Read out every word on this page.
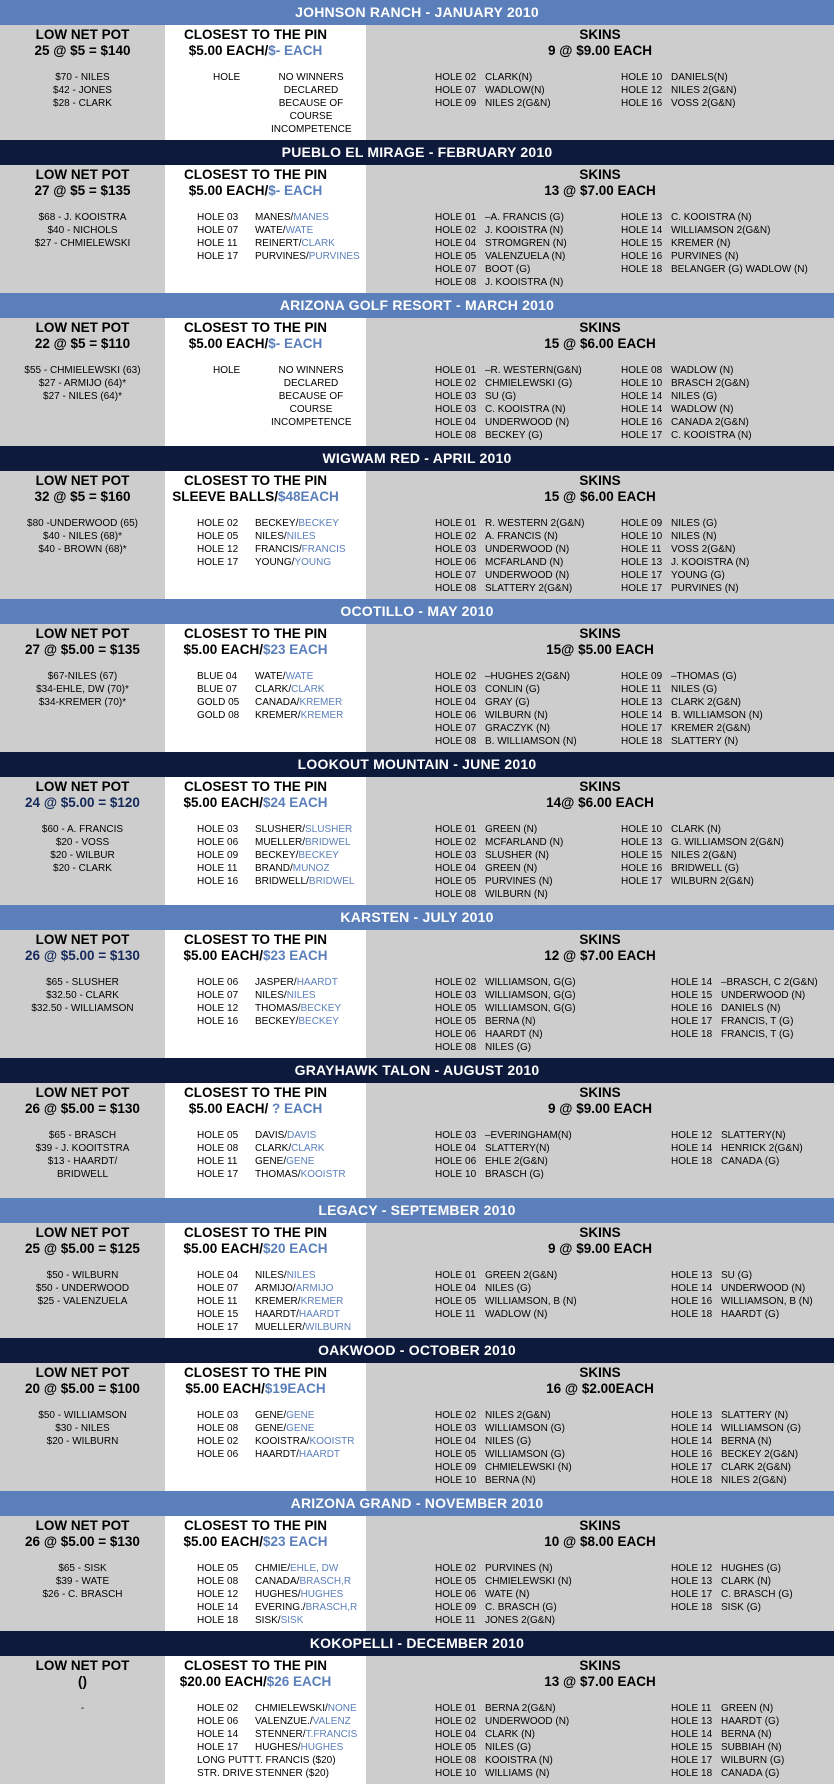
JOHNSON RANCH - JANUARY 2010
LOW NET POT
25 @ $5 = $140
$70 - NILES
$42 - JONES
$28 - CLARK
CLOSEST TO THE PIN
$5.00 EACH/$- EACH
HOLE	NO WINNERS
DECLARED
BECAUSE OF
COURSE
INCOMPETENCE
SKINS
9 @ $9.00 EACH
HOLE 02 CLARK(N)
HOLE 07 WADLOW(N)
HOLE 09 NILES 2(G&N)
HOLE 10 DANIELS(N)
HOLE 12 NILES 2(G&N)
HOLE 16 VOSS 2(G&N)
PUEBLO EL MIRAGE - FEBRUARY 2010
LOW NET POT
27 @ $5 = $135
$68 - J. KOOISTRA
$40 - NICHOLS
$27 - CHMIELEWSKI
CLOSEST TO THE PIN
$5.00 EACH/$- EACH
HOLE 03	MANES/MANES
HOLE 07	WATE/WATE
HOLE 11	REINERT/CLARK
HOLE 17	PURVINES/PURVINES
SKINS
13 @ $7.00 EACH
HOLE 01 –A. FRANCIS (G)
HOLE 02 J. KOOISTRA (N)
HOLE 04 STROMGREN (N)
HOLE 05 VALENZUELA (N)
HOLE 07 BOOT (G)
HOLE 08 J. KOOISTRA (N)
HOLE 13 C. KOOISTRA (N)
HOLE 14 WILLIAMSON 2(G&N)
HOLE 15 KREMER (N)
HOLE 16 PURVINES (N)
HOLE 18 BELANGER (G) WADLOW (N)
ARIZONA GOLF RESORT - MARCH 2010
LOW NET POT
22 @ $5 = $110
$55 - CHMIELEWSKI (63)
$27 - ARMIJO (64)*
$27 - NILES (64)*
CLOSEST TO THE PIN
$5.00 EACH/$- EACH
HOLE	NO WINNERS
DECLARED
BECAUSE OF
COURSE
INCOMPETENCE
SKINS
15 @ $6.00 EACH
HOLE 01 –R. WESTERN(G&N)
HOLE 02 CHMIELEWSKI (G)
HOLE 03 SU (G)
HOLE 03 C. KOOISTRA (N)
HOLE 04 UNDERWOOD (N)
HOLE 08 BECKEY (G)
HOLE 08 WADLOW (N)
HOLE 10 BRASCH 2(G&N)
HOLE 14 NILES (G)
HOLE 14 WADLOW (N)
HOLE 16 CANADA 2(G&N)
HOLE 17 C. KOOISTRA (N)
WIGWAM RED - APRIL 2010
LOW NET POT
32 @ $5 = $160
$80 -UNDERWOOD (65)
$40 - NILES (68)*
$40 - BROWN (68)*
CLOSEST TO THE PIN
SLEEVE BALLS/$48EACH
HOLE 02	BECKEY/BECKEY
HOLE 05	NILES/NILES
HOLE 12	FRANCIS/FRANCIS
HOLE 17	YOUNG/YOUNG
SKINS
15 @ $6.00 EACH
HOLE 01 R. WESTERN 2(G&N)
HOLE 02 A. FRANCIS (N)
HOLE 03 UNDERWOOD (N)
HOLE 06 MCFARLAND (N)
HOLE 07 UNDERWOOD (N)
HOLE 08 SLATTERY 2(G&N)
HOLE 09 NILES (G)
HOLE 10 NILES (N)
HOLE 11 VOSS 2(G&N)
HOLE 13 J. KOOISTRA (N)
HOLE 17 YOUNG (G)
HOLE 17 PURVINES (N)
OCOTILLO - MAY 2010
LOW NET POT
27 @ $5.00 = $135
$67-NILES (67)
$34-EHLE, DW (70)*
$34-KREMER (70)*
CLOSEST TO THE PIN
$5.00 EACH/$23 EACH
BLUE 04	WATE/WATE
BLUE 07	CLARK/CLARK
GOLD 05	CANADA/KREMER
GOLD 08	KREMER/KREMER
SKINS
15@ $5.00 EACH
HOLE 02 –HUGHES 2(G&N)
HOLE 03 CONLIN (G)
HOLE 04 GRAY (G)
HOLE 06 WILBURN (N)
HOLE 07 GRACZYK (N)
HOLE 08 B. WILLIAMSON (N)
HOLE 09 –THOMAS (G)
HOLE 11 NILES (G)
HOLE 13 CLARK 2(G&N)
HOLE 14 B. WILLIAMSON (N)
HOLE 17 KREMER 2(G&N)
HOLE 18 SLATTERY (N)
LOOKOUT MOUNTAIN - JUNE 2010
LOW NET POT
24 @ $5.00 = $120
$60 - A. FRANCIS
$20 - VOSS
$20 - WILBUR
$20 - CLARK
CLOSEST TO THE PIN
$5.00 EACH/$24 EACH
HOLE 03	SLUSHER/SLUSHER
HOLE 06	MUELLER/BRIDWEL
HOLE 09	BECKEY/BECKEY
HOLE 11	BRAND/MUNOZ
HOLE 16	BRIDWELL/BRIDWEL
SKINS
14@ $6.00 EACH
HOLE 01 GREEN (N)
HOLE 02 MCFARLAND (N)
HOLE 03 SLUSHER (N)
HOLE 04 GREEN (N)
HOLE 05 PURVINES (N)
HOLE 08 WILBURN (N)
HOLE 10 CLARK (N)
HOLE 13 G. WILLIAMSON 2(G&N)
HOLE 15 NILES 2(G&N)
HOLE 16 BRIDWELL (G)
HOLE 17 WILBURN 2(G&N)
KARSTEN - JULY 2010
LOW NET POT
26 @ $5.00 = $130
$65 - SLUSHER
$32.50 - CLARK
$32.50 - WILLIAMSON
CLOSEST TO THE PIN
$5.00 EACH/$23 EACH
HOLE 06	JASPER/HAARDT
HOLE 07	NILES/NILES
HOLE 12	THOMAS/BECKEY
HOLE 16	BECKEY/BECKEY
SKINS
12 @ $7.00 EACH
HOLE 02 WILLIAMSON, G(G)
HOLE 03 WILLIAMSON, G(G)
HOLE 05 WILLIAMSON, G(G)
HOLE 05 BERNA (N)
HOLE 06 HAARDT (N)
HOLE 08 NILES (G)
HOLE 14 –BRASCH, C 2(G&N)
HOLE 15 UNDERWOOD (N)
HOLE 16 DANIELS (N)
HOLE 17 FRANCIS, T (G)
HOLE 18 FRANCIS, T (G)
GRAYHAWK TALON - AUGUST 2010
LOW NET POT
26 @ $5.00 = $130
$65 - BRASCH
$39 - J. KOOITSTRA
$13 - HAARDT/
BRIDWELL
CLOSEST TO THE PIN
$5.00 EACH/ ? EACH
HOLE 05	DAVIS/DAVIS
HOLE 08	CLARK/CLARK
HOLE 11	GENE/GENE
HOLE 17	THOMAS/KOOISTR
SKINS
9 @ $9.00 EACH
HOLE 03 –EVERINGHAM(N)
HOLE 04 SLATTERY(N)
HOLE 06 EHLE 2(G&N)
HOLE 10 BRASCH (G)
HOLE 12 SLATTERY(N)
HOLE 14 HENRICK 2(G&N)
HOLE 18 CANADA (G)
LEGACY - SEPTEMBER 2010
LOW NET POT
25 @ $5.00 = $125
$50 - WILBURN
$50 - UNDERWOOD
$25 - VALENZUELA
CLOSEST TO THE PIN
$5.00 EACH/$20 EACH
HOLE 04	NILES/NILES
HOLE 07	ARMIJO/ARMIJO
HOLE 11	KREMER/KREMER
HOLE 15	HAARDT/HAARDT
HOLE 17	MUELLER/WILBURN
SKINS
9 @ $9.00 EACH
HOLE 01 GREEN 2(G&N)
HOLE 04 NILES (G)
HOLE 05 WILLIAMSON, B (N)
HOLE 11 WADLOW (N)
HOLE 13 SU (G)
HOLE 14 UNDERWOOD (N)
HOLE 16 WILLIAMSON, B (N)
HOLE 18 HAARDT (G)
OAKWOOD - OCTOBER 2010
LOW NET POT
20 @ $5.00 = $100
$50 - WILLIAMSON
$30 - NILES
$20 - WILBURN
CLOSEST TO THE PIN
$5.00 EACH/$19EACH
HOLE 03	GENE/GENE
HOLE 08	GENE/GENE
HOLE 02	KOOISTRA/KOOISTR
HOLE 06	HAARDT/HAARDT
SKINS
16 @ $2.00EACH
HOLE 02 NILES 2(G&N)
HOLE 03 WILLIAMSON (G)
HOLE 04 NILES (G)
HOLE 05 WILLIAMSON (G)
HOLE 09 CHMIELEWSKI (N)
HOLE 10 BERNA (N)
HOLE 13 SLATTERY (N)
HOLE 14 WILLIAMSON (G)
HOLE 14 BERNA (N)
HOLE 16 BECKEY 2(G&N)
HOLE 17 CLARK 2(G&N)
HOLE 18 NILES 2(G&N)
ARIZONA GRAND - NOVEMBER 2010
LOW NET POT
26 @ $5.00 = $130
$65 - SISK
$39 - WATE
$26 - C. BRASCH
CLOSEST TO THE PIN
$5.00 EACH/$23 EACH
HOLE 05	CHMIE/EHLE, DW
HOLE 08	CANADA/BRASCH,R
HOLE 12	HUGHES/HUGHES
HOLE 14	EVERING./BRASCH,R
HOLE 18	SISK/SISK
SKINS
10 @ $8.00 EACH
HOLE 02 PURVINES (N)
HOLE 05 CHMIELEWSKI (N)
HOLE 06 WATE (N)
HOLE 09 C. BRASCH (G)
HOLE 11 JONES 2(G&N)
HOLE 12 HUGHES (G)
HOLE 13 CLARK (N)
HOLE 17 C. BRASCH (G)
HOLE 18 SISK (G)
KOKOPELLI - DECEMBER 2010
LOW NET POT
()
-
CLOSEST TO THE PIN
$20.00 EACH/$26 EACH
HOLE 02	CHMIELEWSKI/NONE
HOLE 06	VALENZUE./VALENZ
HOLE 14	STENNER/T.FRANCIS
HOLE 17	HUGHES/HUGHES
LONG PUTT T. FRANCIS ($20)
STR. DRIVE STENNER ($20)
SKINS
13 @ $7.00 EACH
HOLE 01 BERNA 2(G&N)
HOLE 02 UNDERWOOD (N)
HOLE 04 CLARK (N)
HOLE 05 NILES (G)
HOLE 08 KOOISTRA (N)
HOLE 10 WILLIAMS (N)
HOLE 11 GREEN (N)
HOLE 13 HAARDT (G)
HOLE 14 BERNA (N)
HOLE 15 SUBBIAH (N)
HOLE 17 WILBURN (G)
HOLE 18 CANADA (G)
